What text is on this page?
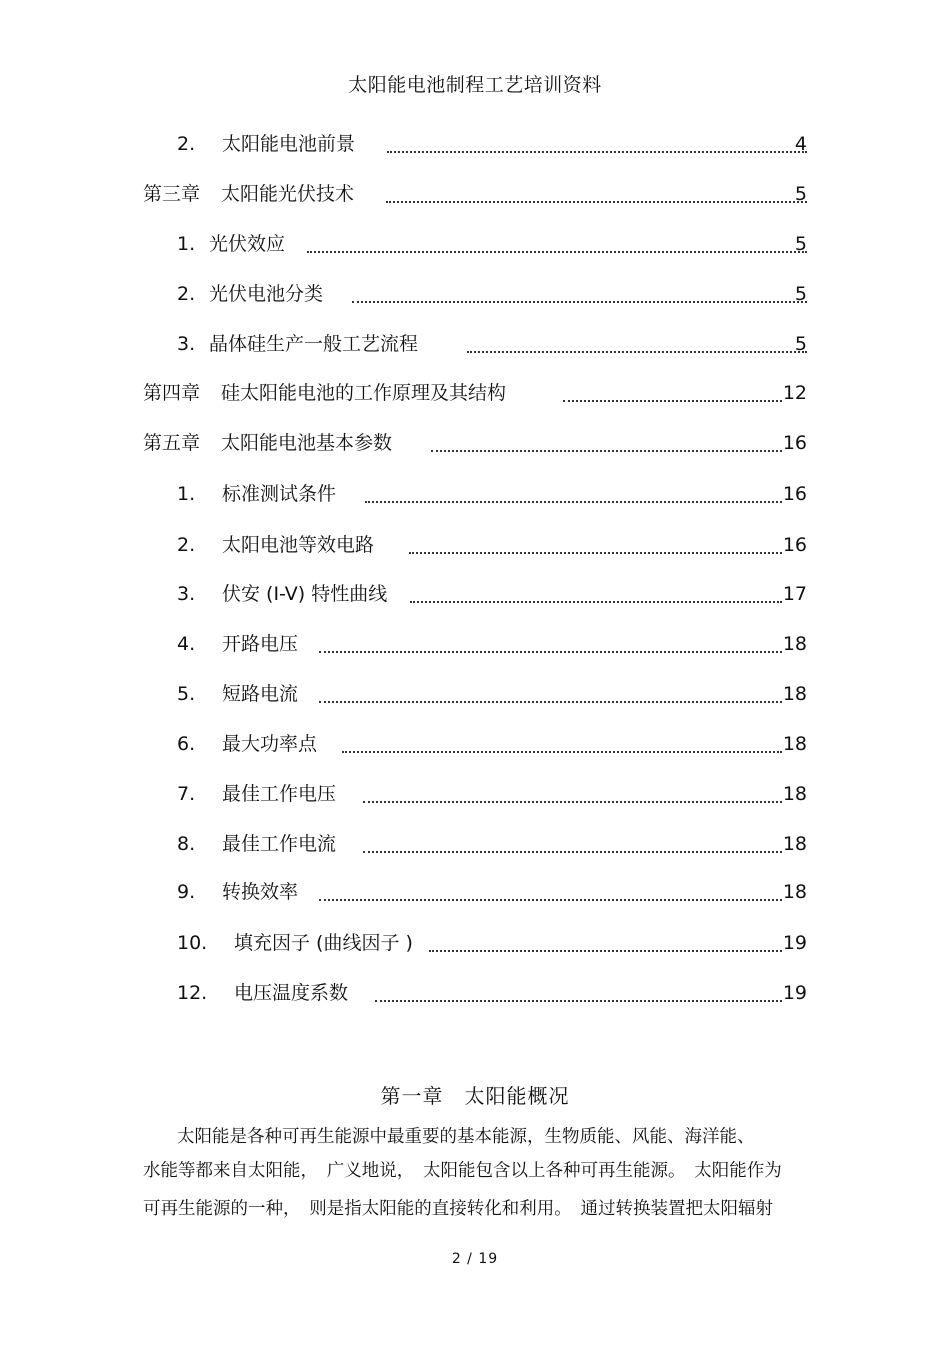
太阳能电池制程工艺培训资料
2.	太阳能电池前景	4
第三章	太阳能光伏技术	5
1. 光伏效应	5
2. 光伏电池分类	5
3. 晶体硅生产一般工艺流程	5
第四章	硅太阳能电池的工作原理及其结构	12
第五章	太阳能电池基本参数	16
1.	标准测试条件	16
2.	太阳电池等效电路	16
3.	伏安 (I-V) 特性曲线	17
4.	开路电压	18
5.	短路电流	18
6.	最大功率点	18
7.	最佳工作电压	18
8.	最佳工作电流	18
9.	转换效率	18
10.	填充因子 (曲线因子 )	19
12.	电压温度系数	19
第一章　太阳能概况
太阳能是各种可再生能源中最重要的基本能源，生物质能、风能、海洋能、
水能等都来自太阳能，　广义地说，　太阳能包含以上各种可再生能源。　太阳能作为
可再生能源的一种，　则是指太阳能的直接转化和利用。　通过转换装置把太阳辐射
2 / 19
